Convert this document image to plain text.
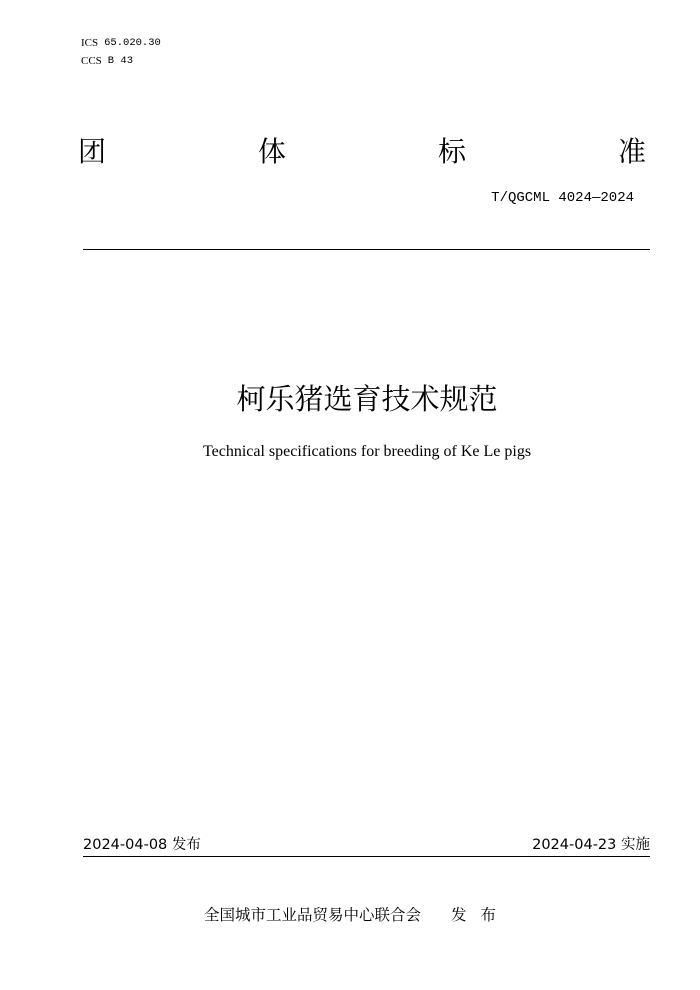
ICS 65.020.30
CCS B 43
团	体	标	准
T/QGCML 4024—2024
柯乐猪选育技术规范
Technical specifications for breeding of Ke Le pigs
2024-04-08 发布	2024-04-23 实施
全国城市工业品贸易中心联合会 发布
